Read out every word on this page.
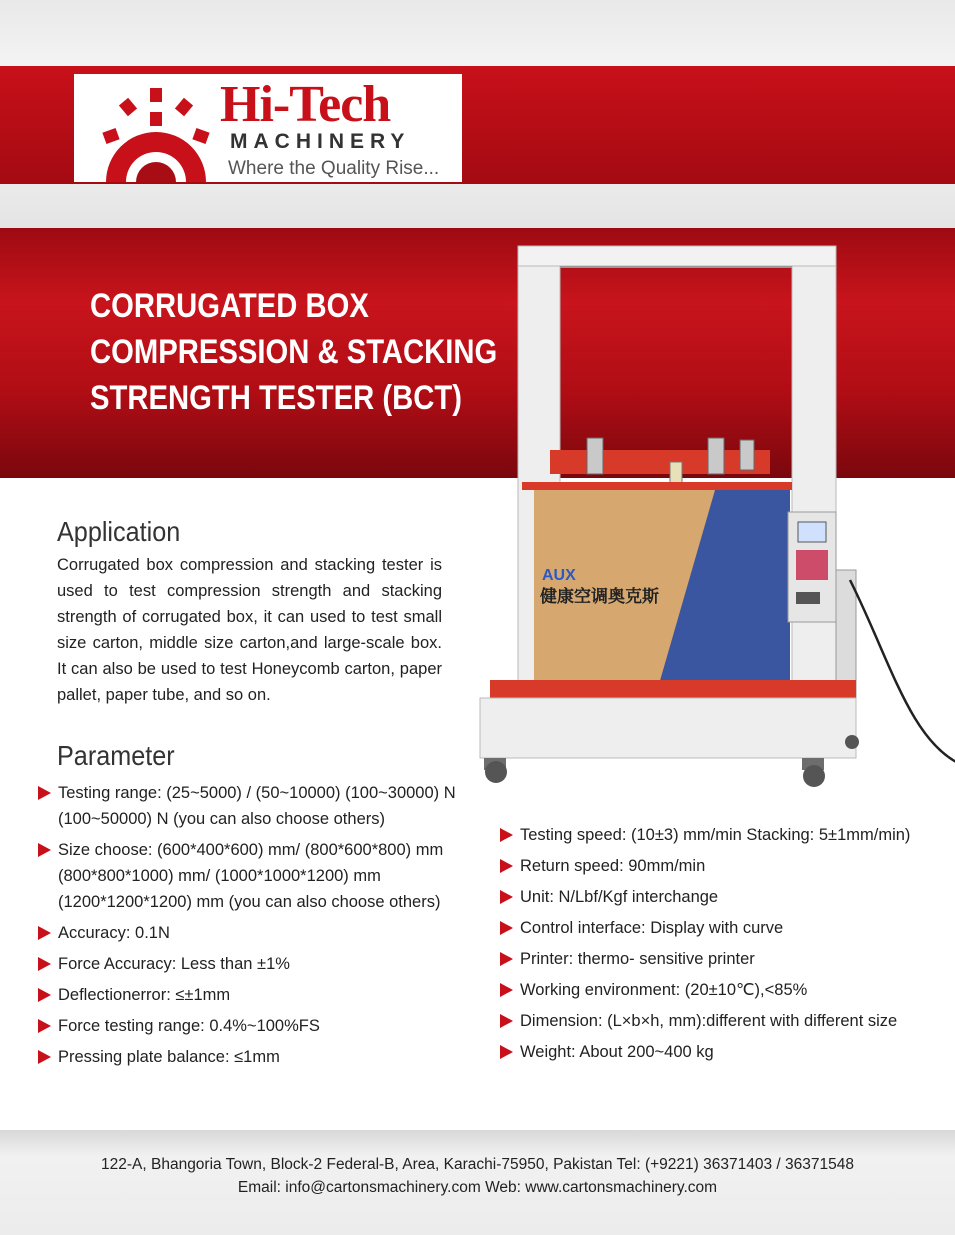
Hi-Tech
MACHINERY
Where the Quality Rise...
CORRUGATED BOX
COMPRESSION & STACKING
STRENGTH TESTER (BCT)
AUX
健康空调奥克斯
Application
Corrugated box compression and stacking tester is used to test compression strength and stacking strength of corrugated box, it can used to test small size carton, middle size carton,and large-scale box. It can also be used to test Honeycomb carton, paper pallet, paper tube, and so on.
Parameter
Testing range: (25~5000) / (50~10000) (100~30000) N
(100~50000) N (you can also choose others)
Size choose: (600*400*600) mm/ (800*600*800) mm
(800*800*1000) mm/ (1000*1000*1200) mm
(1200*1200*1200) mm (you can also choose others)
Accuracy: 0.1N
Force Accuracy: Less than ±1%
Deflectionerror: ≤±1mm
Force testing range: 0.4%~100%FS
Pressing plate balance: ≤1mm
Testing speed: (10±3) mm/min Stacking: 5±1mm/min)
Return speed: 90mm/min
Unit: N/Lbf/Kgf interchange
Control interface: Display with curve
Printer: thermo- sensitive printer
Working environment: (20±10℃),<85%
Dimension: (L×b×h, mm):different with different size
Weight: About 200~400 kg
122-A, Bhangoria Town, Block-2 Federal-B, Area, Karachi-75950, Pakistan Tel: (+9221) 36371403 / 36371548
Email: info@cartonsmachinery.com Web: www.cartonsmachinery.com
